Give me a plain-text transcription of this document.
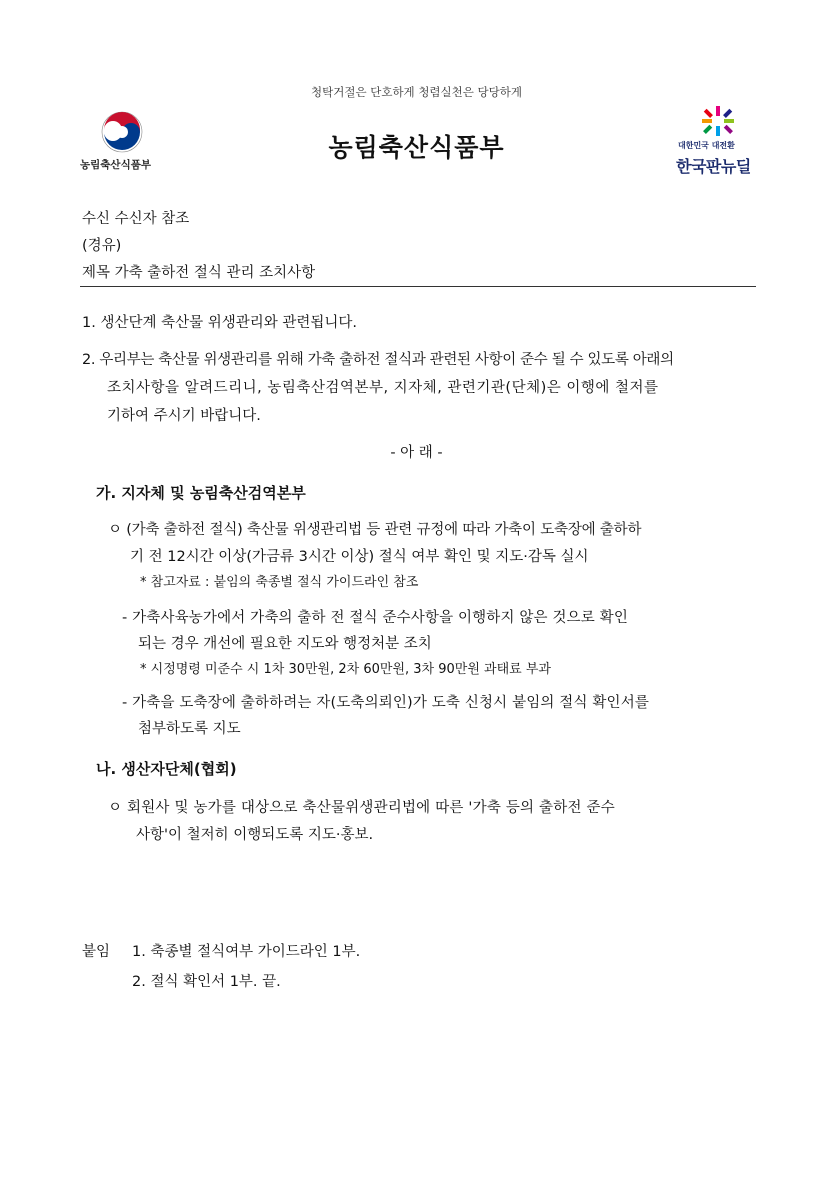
청탁거절은 단호하게 청렴실천은 당당하게
농림축산식품부
농림축산식품부	대한민국 대전환
한국판뉴딜
수신 수신자 참조
(경유)
제목 가축 출하전 절식 관리 조치사항
1. 생산단계 축산물 위생관리와 관련됩니다.
2. 우리부는 축산물 위생관리를 위해 가축 출하전 절식과 관련된 사항이 준수 될 수 있도록 아래의
조치사항을 알려드리니, 농림축산검역본부, 지자체, 관련기관(단체)은 이행에 철저를
기하여 주시기 바랍니다.
- 아 래 -
가. 지자체 및 농림축산검역본부
ㅇ (가축 출하전 절식) 축산물 위생관리법 등 관련 규정에 따라 가축이 도축장에 출하하
기 전 12시간 이상(가금류 3시간 이상) 절식 여부 확인 및 지도·감독 실시
* 참고자료 : 붙임의 축종별 절식 가이드라인 참조
- 가축사육농가에서 가축의 출하 전 절식 준수사항을 이행하지 않은 것으로 확인
되는 경우 개선에 필요한 지도와 행정처분 조치
* 시정명령 미준수 시 1차 30만원, 2차 60만원, 3차 90만원 과태료 부과
- 가축을 도축장에 출하하려는 자(도축의뢰인)가 도축 신청시 붙임의 절식 확인서를
첨부하도록 지도
나. 생산자단체(협회)
ㅇ 회원사 및 농가를 대상으로 축산물위생관리법에 따른 '가축 등의 출하전 준수
사항'이 철저히 이행되도록 지도·홍보.
붙임 1. 축종별 절식여부 가이드라인 1부.
2. 절식 확인서 1부. 끝.
